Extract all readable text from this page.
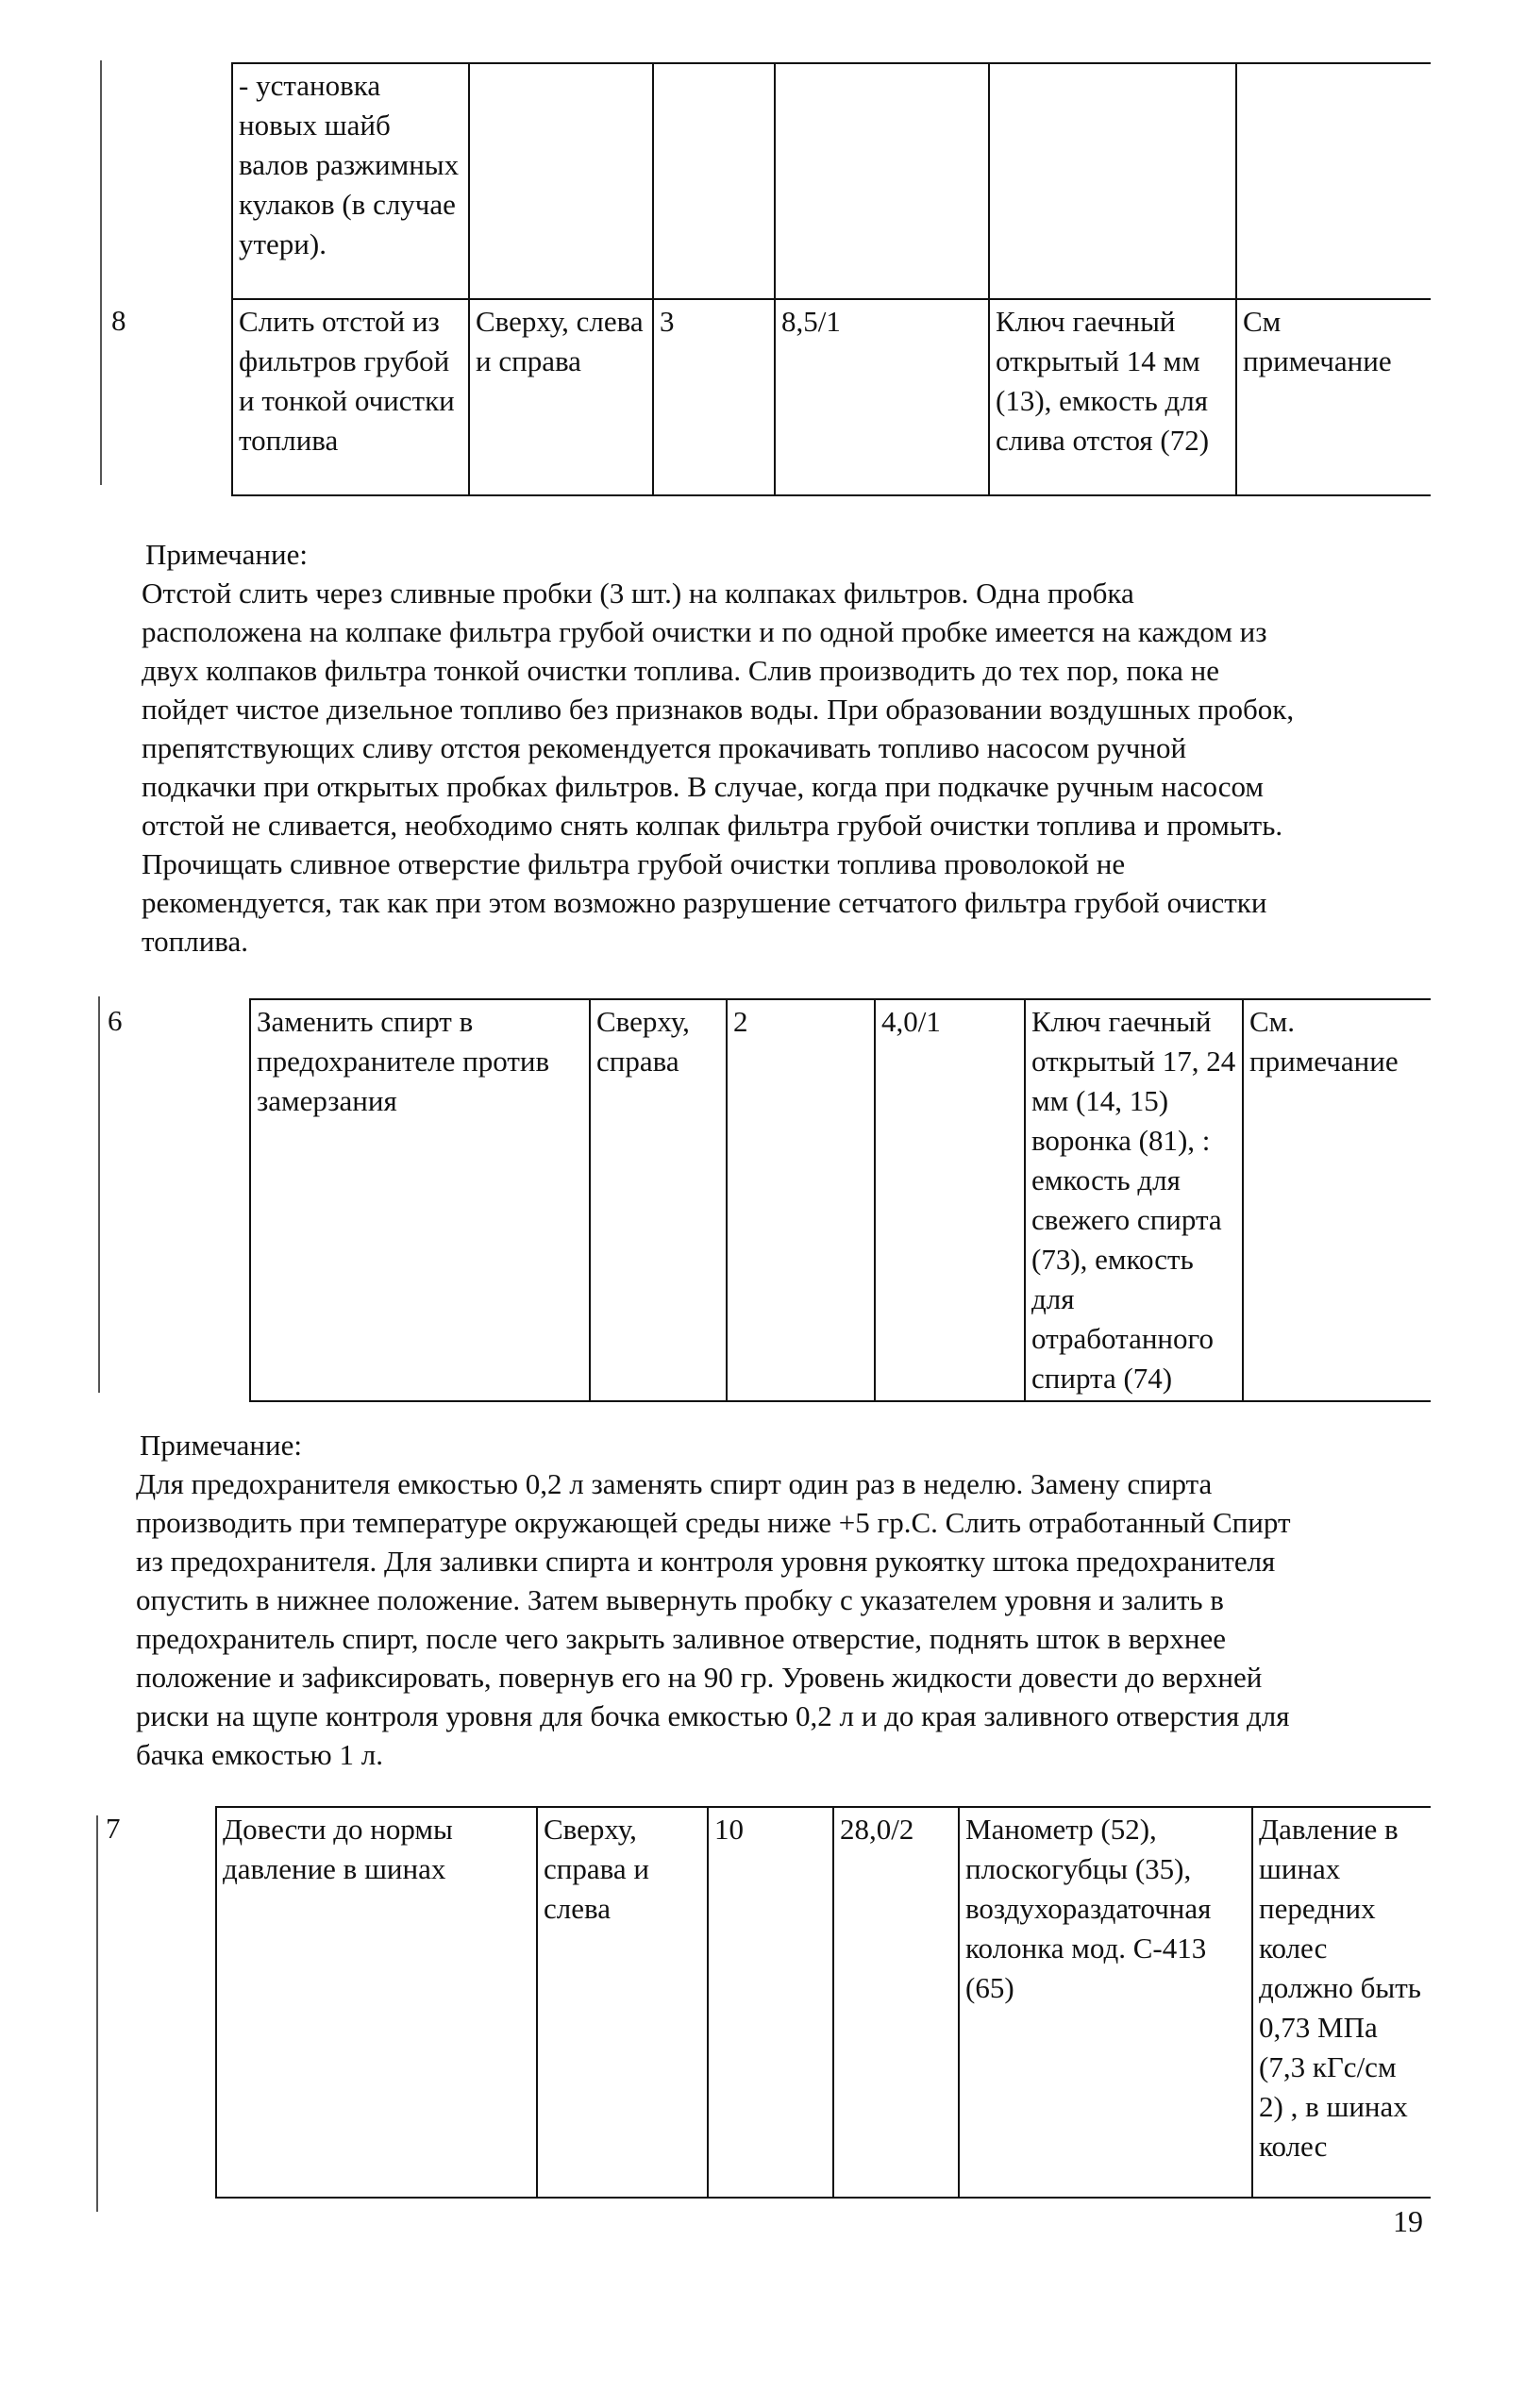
	- установка новых шайб валов разжимных кулаков (в случае утери).					
8	Слить отстой из фильтров грубой и тонкой очистки топлива	Сверху, слева и справа	3	8,5/1	Ключ гаечный открытый 14 мм (13), емкость для слива отстоя (72)	См примечание

Примечание:

Отстой слить через сливные пробки (3 шт.) на колпаках фильтров. Одна пробка

расположена на колпаке фильтра грубой очистки и по одной пробке имеется на каждом из

двух колпаков фильтра тонкой очистки топлива. Слив производить до тех пор, пока не

пойдет чистое дизельное топливо без признаков воды. При образовании воздушных пробок,

препятствующих сливу отстоя рекомендуется прокачивать топливо насосом ручной

подкачки при открытых пробках фильтров. В случае, когда при подкачке ручным насосом

отстой не сливается, необходимо снять колпак фильтра грубой очистки топлива и промыть.

Прочищать сливное отверстие фильтра грубой очистки топлива проволокой не

рекомендуется, так как при этом возможно разрушение сетчатого фильтра грубой очистки

топлива.

6	Заменить спирт в предохранителе против замерзания	Сверху, справа	2	4,0/1	Ключ гаечный открытый 17, 24 мм (14, 15) воронка (81), : емкость для свежего спирта (73), емкость для отработанного спирта (74)	См. примечание

Примечание:

Для предохранителя емкостью 0,2 л заменять спирт один раз в неделю. Замену спирта

производить при температуре окружающей среды ниже +5 гр.С. Слить отработанный Спирт

из предохранителя. Для заливки спирта и контроля уровня рукоятку штока предохранителя

опустить в нижнее положение. Затем вывернуть пробку с указателем уровня и залить в

предохранитель спирт, после чего закрыть заливное отверстие, поднять шток в верхнее

положение и зафиксировать, повернув его на 90 гр. Уровень жидкости довести до верхней

риски на щупе контроля уровня для бочка емкостью 0,2 л и до края заливного отверстия для

бачка емкостью 1 л.

7	Довести до нормы давление в шинах	Сверху, справа и слева	10	28,0/2	Манометр (52), плоскогубцы (35), воздухораздаточная колонка мод. С-413 (65)	Давление в шинах передних колес должно быть 0,73 МПа (7,3 кГс/см 2) , в шинах колес
19
